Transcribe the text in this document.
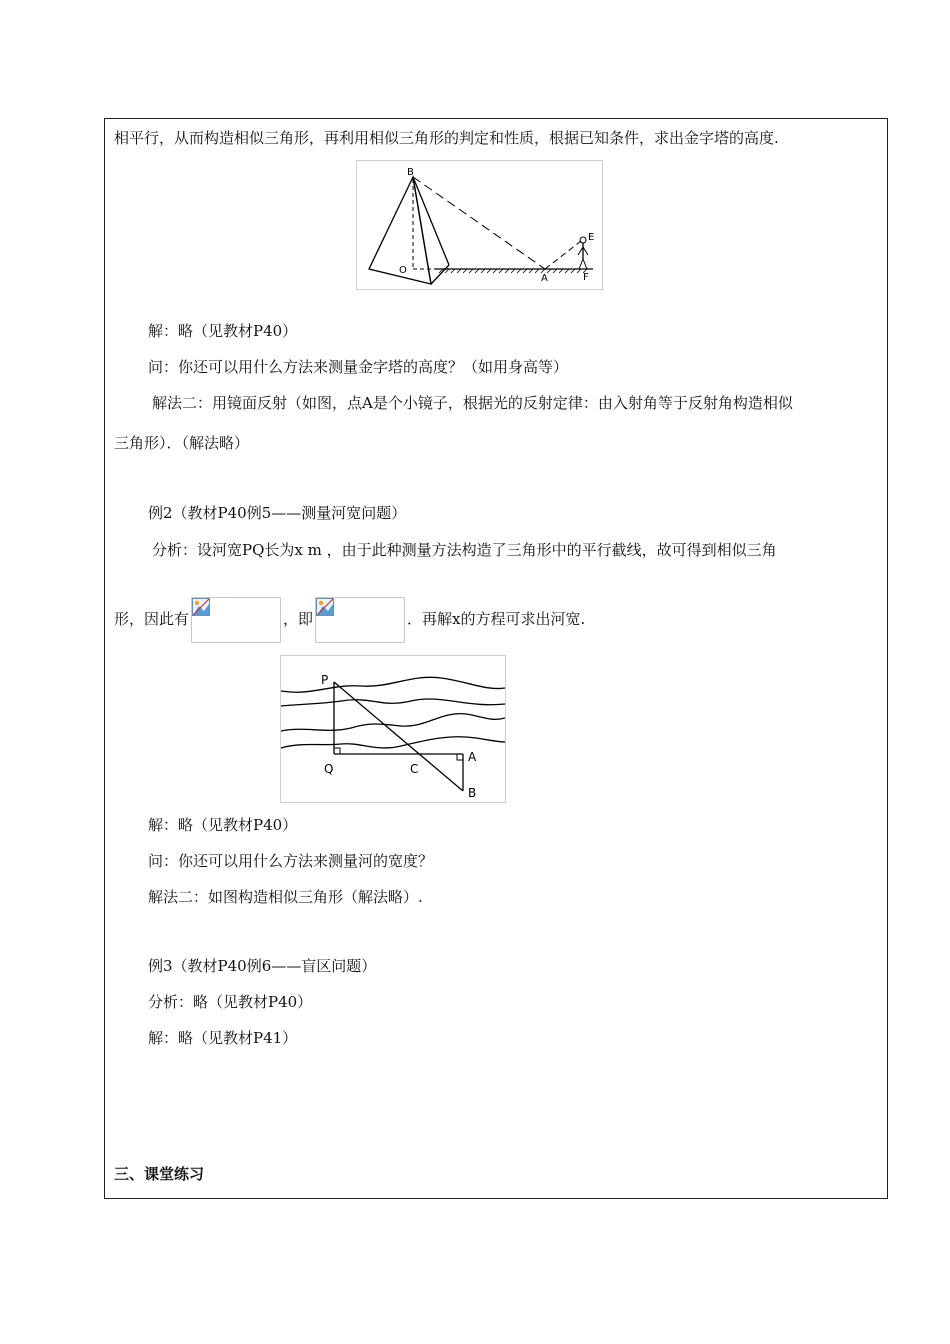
相平行，从而构造相似三角形，再利用相似三角形的判定和性质，根据已知条件，求出金字塔的高度.
B
O
A
E
F
解：略（见教材P40）
问：你还可以用什么方法来测量金字塔的高度？（如用身高等）
解法二：用镜面反射（如图，点A是个小镜子，根据光的反射定律：由入射角等于反射角构造相似
三角形）．（解法略）
例2（教材P40例5——测量河宽问题）
分析：设河宽PQ长为x m ，由于此种测量方法构造了三角形中的平行截线，故可得到相似三角
形，因此有	，即	．再解x的方程可求出河宽.
P
Q	C
A
B
解：略（见教材P40）
问：你还可以用什么方法来测量河的宽度？
解法二：如图构造相似三角形（解法略）.
例3（教材P40例6——盲区问题）
分析：略（见教材P40）
解：略（见教材P41）
三、课堂练习
